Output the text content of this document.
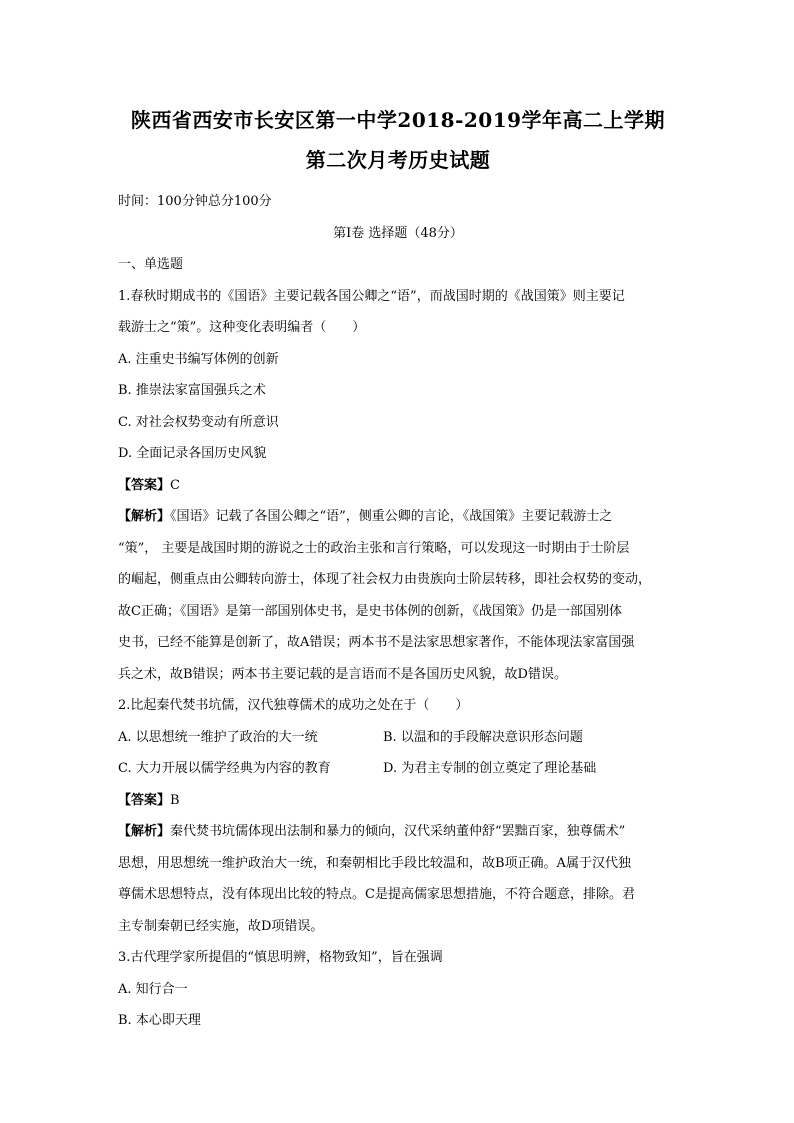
陕西省西安市长安区第一中学2018-2019学年高二上学期

第二次月考历史试题

时间：100分钟总分100分

第Ⅰ卷 选择题（48分）

一、单选题

1.春秋时期成书的《国语》主要记载各国公卿之“语”，而战国时期的《战国策》则主要记

载游士之“策”。这种变化表明编者（　　）

A. 注重史书编写体例的创新

B. 推崇法家富国强兵之术

C. 对社会权势变动有所意识

D. 全面记录各国历史风貌

【答案】C

【解析】《国语》记载了各国公卿之“语”，侧重公卿的言论，《战国策》主要记载游士之

“策”， 主要是战国时期的游说之士的政治主张和言行策略，可以发现这一时期由于士阶层

的崛起，侧重点由公卿转向游士，体现了社会权力由贵族向士阶层转移，即社会权势的变动，

故C正确；《国语》是第一部国别体史书，是史书体例的创新，《战国策》仍是一部国别体

史书，已经不能算是创新了，故A错误；两本书不是法家思想家著作，不能体现法家富国强

兵之术，故B错误；两本书主要记载的是言语而不是各国历史风貌，故D错误。

2.比起秦代焚书坑儒，汉代独尊儒术的成功之处在于（　　）

A. 以思想统一维护了政治的大一统	B. 以温和的手段解决意识形态问题
C. 大力开展以儒学经典为内容的教育	D. 为君主专制的创立奠定了理论基础

【答案】B

【解析】秦代焚书坑儒体现出法制和暴力的倾向，汉代采纳董仲舒“罢黜百家，独尊儒术”

思想，用思想统一维护政治大一统，和秦朝相比手段比较温和，故B项正确。A属于汉代独

尊儒术思想特点，没有体现出比较的特点。C是提高儒家思想措施，不符合题意，排除。君

主专制秦朝已经实施，故D项错误。

3.古代理学家所提倡的“慎思明辨，格物致知”，旨在强调

A. 知行合一

B. 本心即天理
